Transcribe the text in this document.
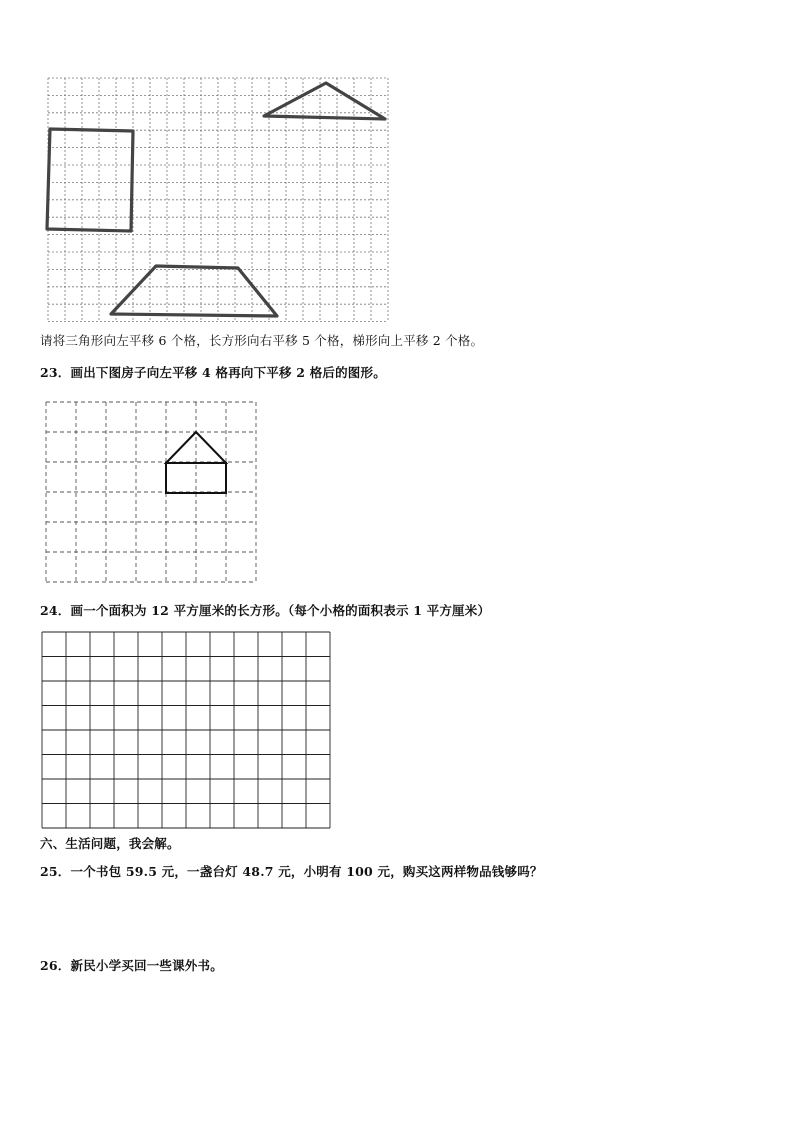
请将三角形向左平移 6 个格，长方形向右平移 5 个格，梯形向上平移 2 个格。
23．画出下图房子向左平移 4 格再向下平移 2 格后的图形。
24．画一个面积为 12 平方厘米的长方形。（每个小格的面积表示 1 平方厘米）
六、生活问题，我会解。
25．一个书包 59.5 元，一盏台灯 48.7 元，小明有 100 元，购买这两样物品钱够吗？
26．新民小学买回一些课外书。
